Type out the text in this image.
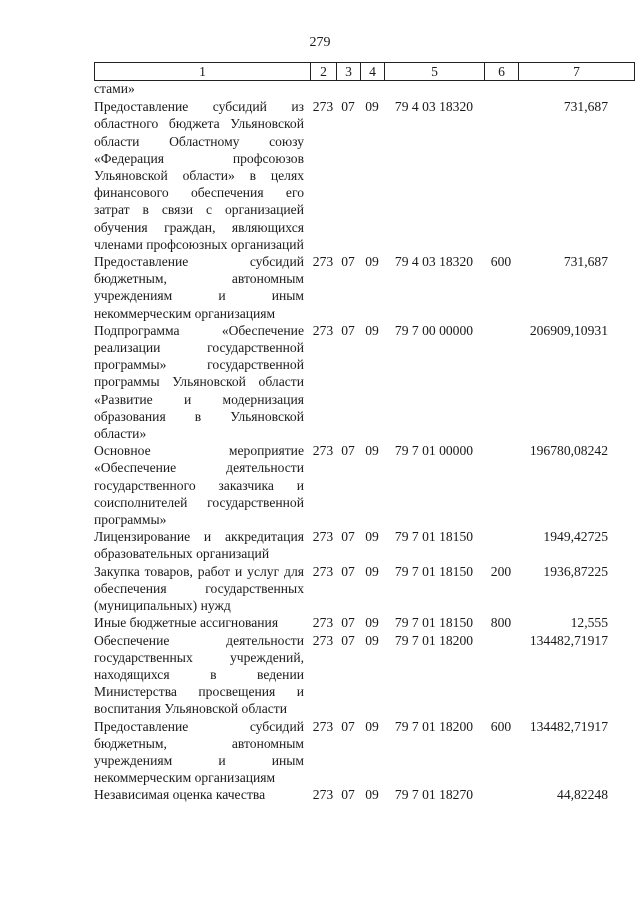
279
1	2	3	4	5	6	7
стами»						
Предоставление субсидий из областного бюджета Ульяновской области Областному союзу «Федерация профсоюзов Ульяновской области» в целях финансового обеспечения его затрат в связи с организацией обучения граждан, являющихся членами профсоюзных организаций	273	07	09	79 4 03 18320		731,687
Предоставление субсидий бюджетным, автономным учреждениям и иным некоммерческим организациям	273	07	09	79 4 03 18320	600	731,687
Подпрограмма «Обеспечение реализации государственной программы» государственной программы Ульяновской области «Развитие и модернизация образования в Ульяновской области»	273	07	09	79 7 00 00000		206909,10931
Основное мероприятие «Обеспечение деятельности государственного заказчика и соисполнителей государственной программы»	273	07	09	79 7 01 00000		196780,08242
Лицензирование и аккредитация образовательных организаций	273	07	09	79 7 01 18150		1949,42725
Закупка товаров, работ и услуг для обеспечения государственных (муниципальных) нужд	273	07	09	79 7 01 18150	200	1936,87225
Иные бюджетные ассигнования	273	07	09	79 7 01 18150	800	12,555
Обеспечение деятельности государственных учреждений, находящихся в ведении Министерства просвещения и воспитания Ульяновской области	273	07	09	79 7 01 18200		134482,71917
Предоставление субсидий бюджетным, автономным учреждениям и иным некоммерческим организациям	273	07	09	79 7 01 18200	600	134482,71917
Независимая оценка качества	273	07	09	79 7 01 18270		44,82248
